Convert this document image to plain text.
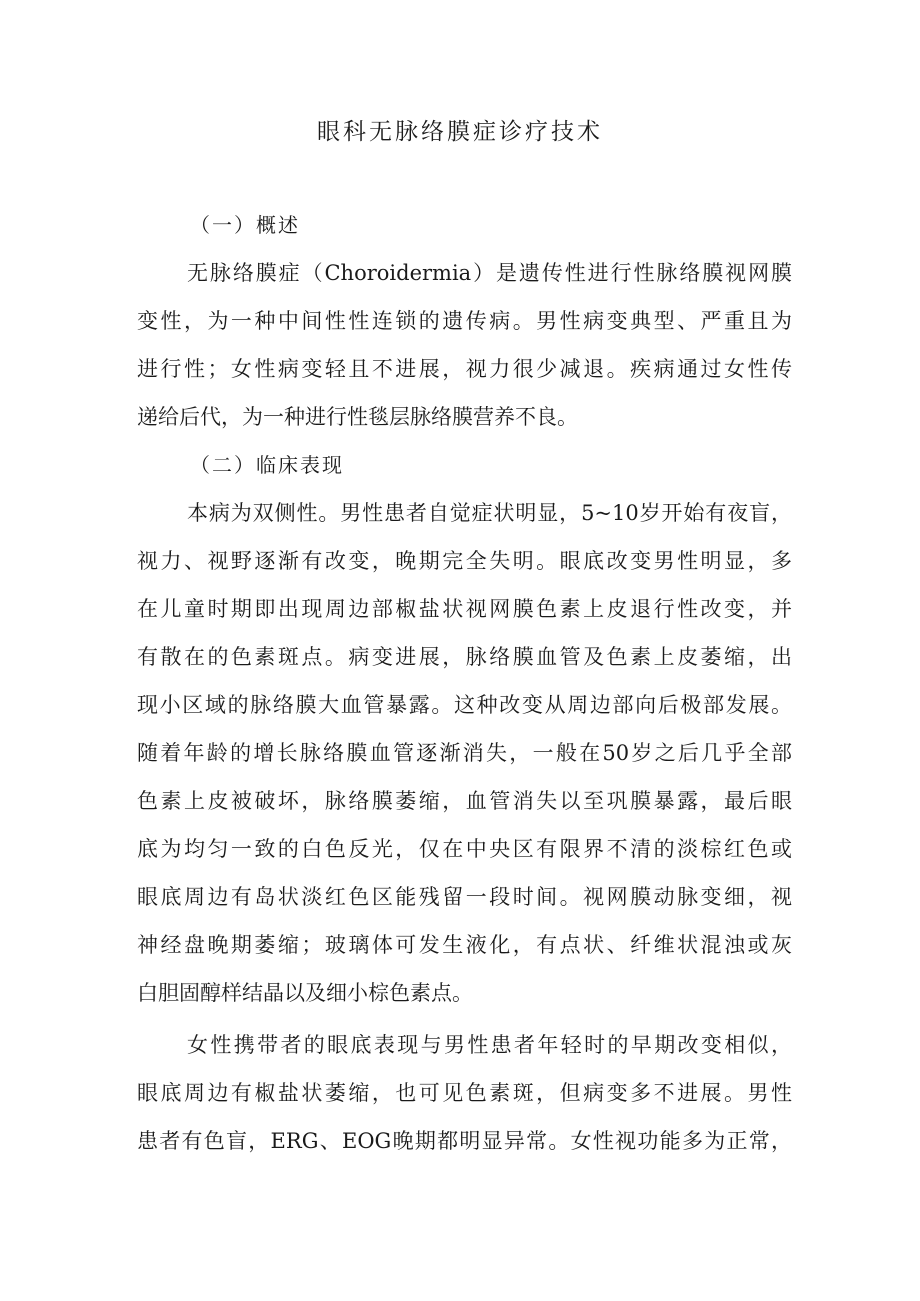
眼科无脉络膜症诊疗技术
（一）概述
无脉络膜症（Choroidermia）是遗传性进行性脉络膜视网膜
变性，为一种中间性性连锁的遗传病。男性病变典型、严重且为
进行性；女性病变轻且不进展，视力很少减退。疾病通过女性传
递给后代，为一种进行性毯层脉络膜营养不良。
（二）临床表现
本病为双侧性。男性患者自觉症状明显，5~10岁开始有夜盲，
视力、视野逐渐有改变，晚期完全失明。眼底改变男性明显，多
在儿童时期即出现周边部椒盐状视网膜色素上皮退行性改变，并
有散在的色素斑点。病变进展，脉络膜血管及色素上皮萎缩，出
现小区域的脉络膜大血管暴露。这种改变从周边部向后极部发展。
随着年龄的增长脉络膜血管逐渐消失，一般在50岁之后几乎全部
色素上皮被破坏，脉络膜萎缩，血管消失以至巩膜暴露，最后眼
底为均匀一致的白色反光，仅在中央区有限界不清的淡棕红色或
眼底周边有岛状淡红色区能残留一段时间。视网膜动脉变细，视
神经盘晚期萎缩；玻璃体可发生液化，有点状、纤维状混浊或灰
白胆固醇样结晶以及细小棕色素点。
女性携带者的眼底表现与男性患者年轻时的早期改变相似，
眼底周边有椒盐状萎缩，也可见色素斑，但病变多不进展。男性
患者有色盲，ERG、EOG晚期都明显异常。女性视功能多为正常，
